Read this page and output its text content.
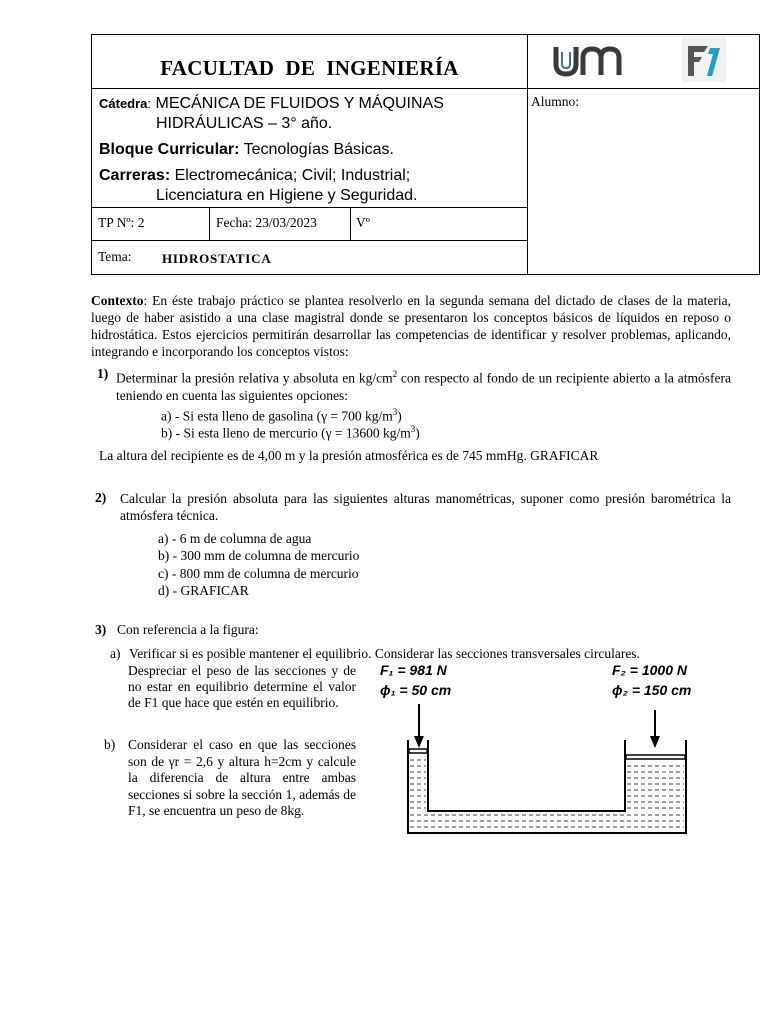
FACULTAD  DE  INGENIERÍA
Cátedra: MECÁNICA DE FLUIDOS Y MÁQUINAS
HIDRÁULICAS – 3° año.
Bloque Curricular: Tecnologías Básicas.
Carreras: Electromecánica; Civil; Industrial;
Licenciatura en Higiene y Seguridad.
Alumno:
TP Nº: 2	Fecha: 23/03/2023	Vº
Tema: HIDROSTATICA
Contexto: En éste trabajo práctico se plantea resolverlo en la segunda semana del dictado de clases de la materia, luego de haber asistido a una clase magistral donde se presentaron los conceptos básicos de líquidos en reposo o hidrostática. Estos ejercicios permitirán desarrollar las competencias de identificar y resolver problemas, aplicando, integrando e incorporando los conceptos vistos:
1) Determinar la presión relativa y absoluta en $kg/cm^2$ con respecto al fondo de un recipiente abierto a la atmósfera teniendo en cuenta las siguientes opciones:
a) - Si esta lleno de gasolina (γ = 700 $kg/m^3$)
b) - Si esta lleno de mercurio (γ = 13600 $kg/m^3$)
La altura del recipiente es de 4,00 m y la presión atmosférica es de 745 mmHg. GRAFICAR
2) Calcular la presión absoluta para las siguientes alturas manométricas, suponer como presión barométrica la atmósfera técnica.
a) - 6 m de columna de agua
b) - 300 mm de columna de mercurio
c) - 800 mm de columna de mercurio
d) - GRAFICAR
3) Con referencia a la figura:
a) Verificar si es posible mantener el equilibrio. Considerar las secciones transversales circulares.
Despreciar el peso de las secciones y de no estar en equilibrio determine el valor de F1 que hace que estén en equilibrio.
b) Considerar el caso en que las secciones son de γr = 2,6 y altura h=2cm y calcule la diferencia de altura entre ambas secciones si sobre la sección 1, además de F1, se encuentra un peso de 8kg.
F₁ = 981 N
ϕ₁ = 50 cm
F₂ = 1000 N
ϕ₂ = 150 cm
